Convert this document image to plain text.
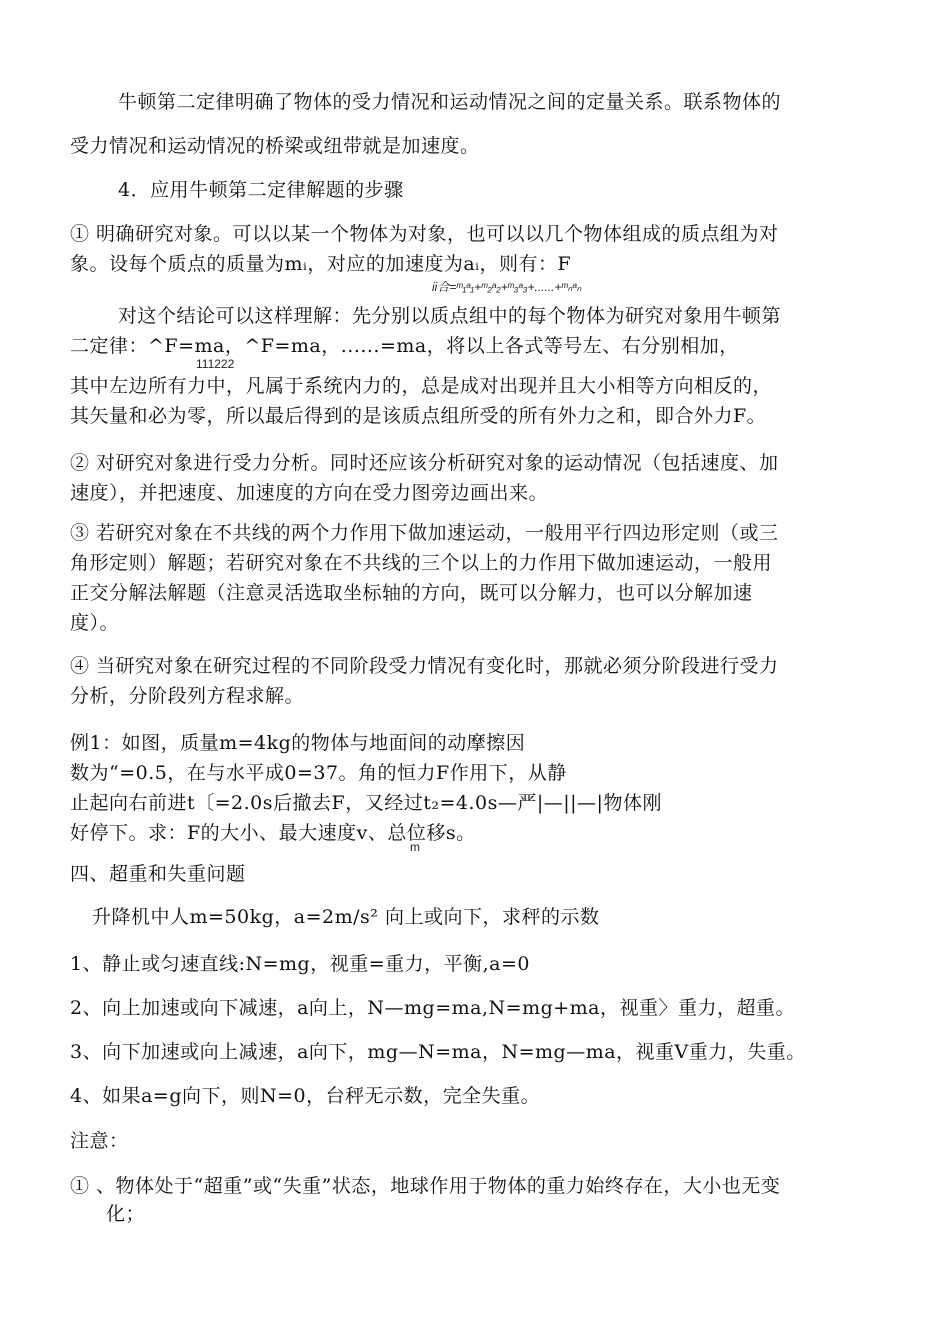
牛顿第二定律明确了物体的受力情况和运动情况之间的定量关系。联系物体的
受力情况和运动情况的桥梁或纽带就是加速度。
4．应用牛顿第二定律解题的步骤
① 明确研究对象。可以以某一个物体为对象，也可以以几个物体组成的质点组为对
象。设每个质点的质量为mᵢ，对应的加速度为aᵢ，则有：F
ii合=ᵐ₁ᵃ₁+ᵐ₂ᵃ₂+ᵐ₃ᵃ₃+......+ᵐₙᵃₙ
对这个结论可以这样理解：先分别以质点组中的每个物体为研究对象用牛顿第
二定律：^F=ma，^F=ma，......=ma，将以上各式等号左、右分别相加，
111222
其中左边所有力中，凡属于系统内力的，总是成对出现并且大小相等方向相反的，
其矢量和必为零，所以最后得到的是该质点组所受的所有外力之和，即合外力F。
② 对研究对象进行受力分析。同时还应该分析研究对象的运动情况（包括速度、加
速度），并把速度、加速度的方向在受力图旁边画出来。
③ 若研究对象在不共线的两个力作用下做加速运动，一般用平行四边形定则（或三
角形定则）解题；若研究对象在不共线的三个以上的力作用下做加速运动，一般用
正交分解法解题（注意灵活选取坐标轴的方向，既可以分解力，也可以分解加速
度）。
④ 当研究对象在研究过程的不同阶段受力情况有变化时，那就必须分阶段进行受力
分析，分阶段列方程求解。
例1：如图，质量m=4kg的物体与地面间的动摩擦因
数为“=0.5，在与水平成0=37。角的恒力F作用下，从静
止起向右前进t〔=2.0s后撤去F，又经过t₂=4.0s—严|—||—|物体刚
好停下。求：F的大小、最大速度v、总位移s。
m
四、超重和失重问题
升降机中人m=50kg，a=2m/s² 向上或向下，求秤的示数
1、静止或匀速直线:N=mg，视重=重力，平衡,a=0
2、向上加速或向下减速，a向上，N—mg=ma,N=mg+ma，视重〉重力，超重。
3、向下加速或向上减速，a向下，mg—N=ma，N=mg—ma，视重V重力，失重。
4、如果a=g向下，则N=0，台秤无示数，完全失重。
注意：
① 、物体处于“超重”或“失重”状态，地球作用于物体的重力始终存在，大小也无变
化；
